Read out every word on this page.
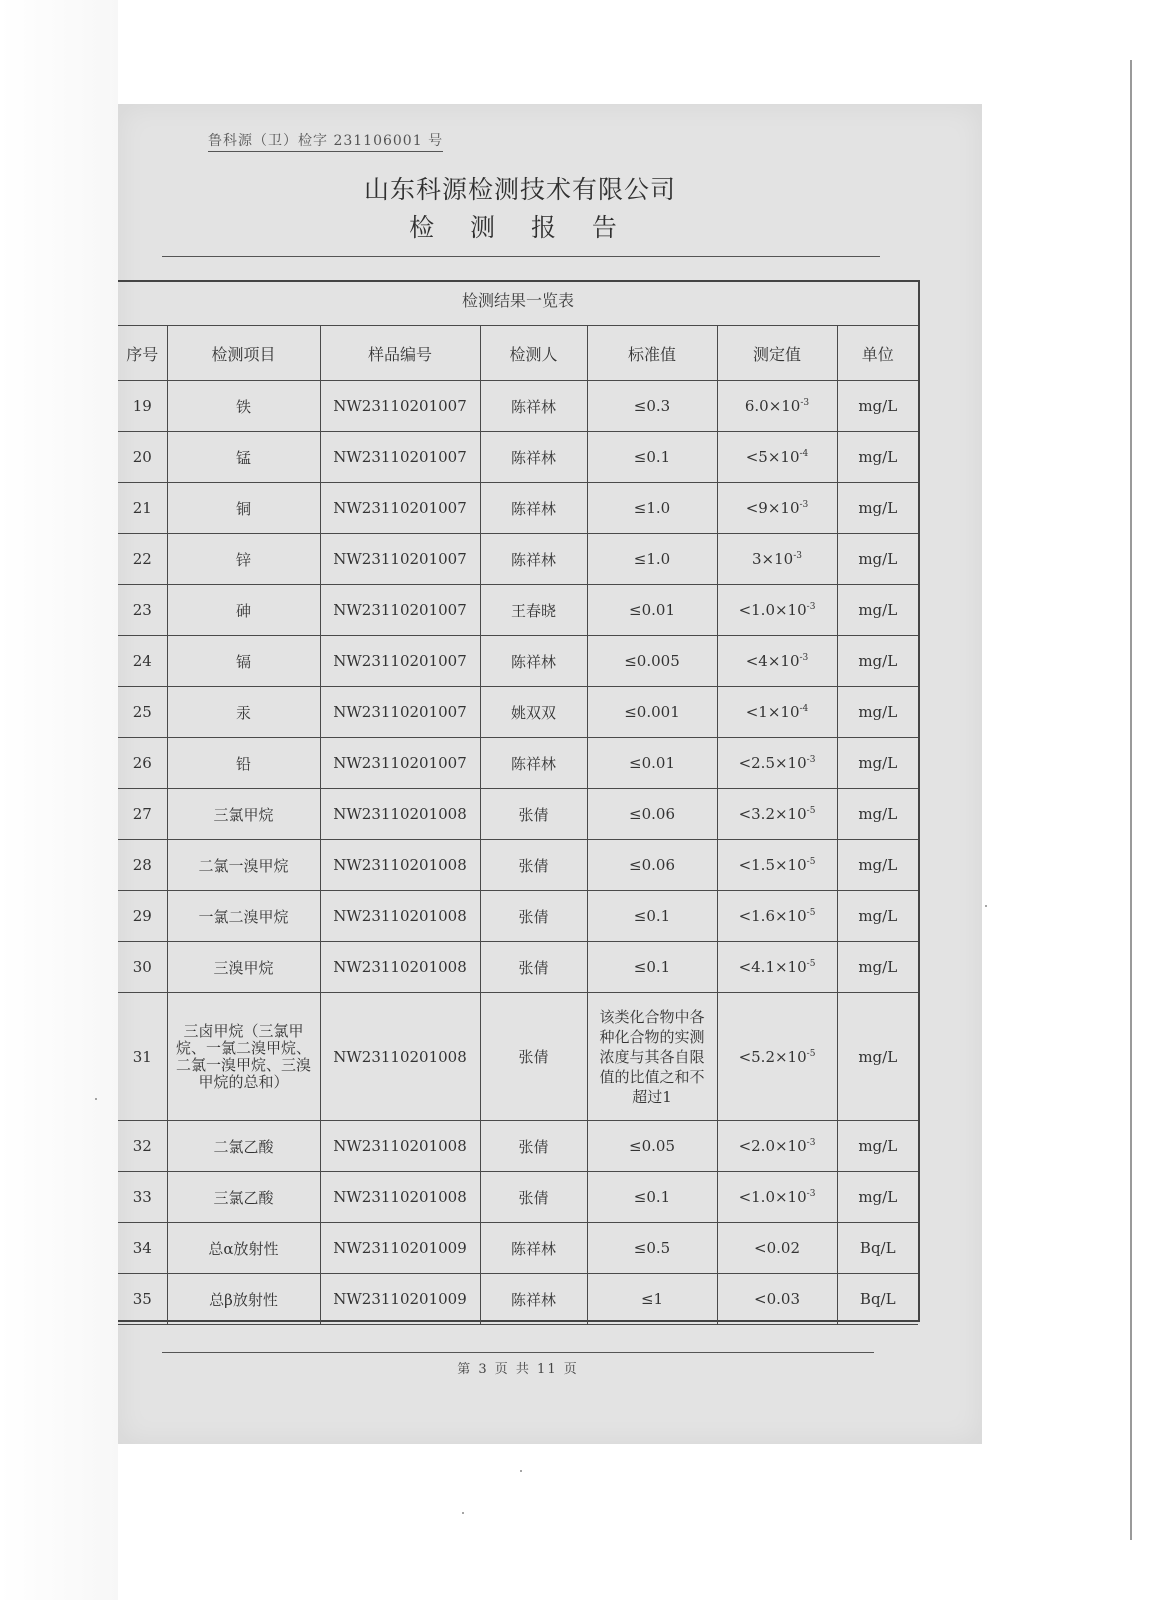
鲁科源（卫）检字 231106001 号
山东科源检测技术有限公司
检 测 报 告
检测结果一览表
序号	检测项目	样品编号	检测人	标准值	测定值	单位
19	铁	NW23110201007	陈祥林	≤0.3	$6.0\times 10^{-3}$	mg/L
20	锰	NW23110201007	陈祥林	≤0.1	$<5\times 10^{-4}$	mg/L
21	铜	NW23110201007	陈祥林	≤1.0	$<9\times 10^{-3}$	mg/L
22	锌	NW23110201007	陈祥林	≤1.0	$3\times 10^{-3}$	mg/L
23	砷	NW23110201007	王春晓	≤0.01	$<1.0\times 10^{-3}$	mg/L
24	镉	NW23110201007	陈祥林	≤0.005	$<4\times 10^{-3}$	mg/L
25	汞	NW23110201007	姚双双	≤0.001	$<1\times 10^{-4}$	mg/L
26	铅	NW23110201007	陈祥林	≤0.01	$<2.5\times 10^{-3}$	mg/L
27	三氯甲烷	NW23110201008	张倩	≤0.06	$<3.2\times 10^{-5}$	mg/L
28	二氯一溴甲烷	NW23110201008	张倩	≤0.06	$<1.5\times 10^{-5}$	mg/L
29	一氯二溴甲烷	NW23110201008	张倩	≤0.1	$<1.6\times 10^{-5}$	mg/L
30	三溴甲烷	NW23110201008	张倩	≤0.1	$<4.1\times 10^{-5}$	mg/L
31	三卤甲烷（三氯甲烷、一氯二溴甲烷、二氯一溴甲烷、三溴甲烷的总和）	NW23110201008	张倩	该类化合物中各种化合物的实测浓度与其各自限值的比值之和不超过1	$<5.2\times 10^{-5}$	mg/L
32	二氯乙酸	NW23110201008	张倩	≤0.05	$<2.0\times 10^{-3}$	mg/L
33	三氯乙酸	NW23110201008	张倩	≤0.1	$<1.0\times 10^{-3}$	mg/L
34	总α放射性	NW23110201009	陈祥林	≤0.5	<0.02	Bq/L
35	总β放射性	NW23110201009	陈祥林	≤1	<0.03	Bq/L
第 3 页 共 11 页
